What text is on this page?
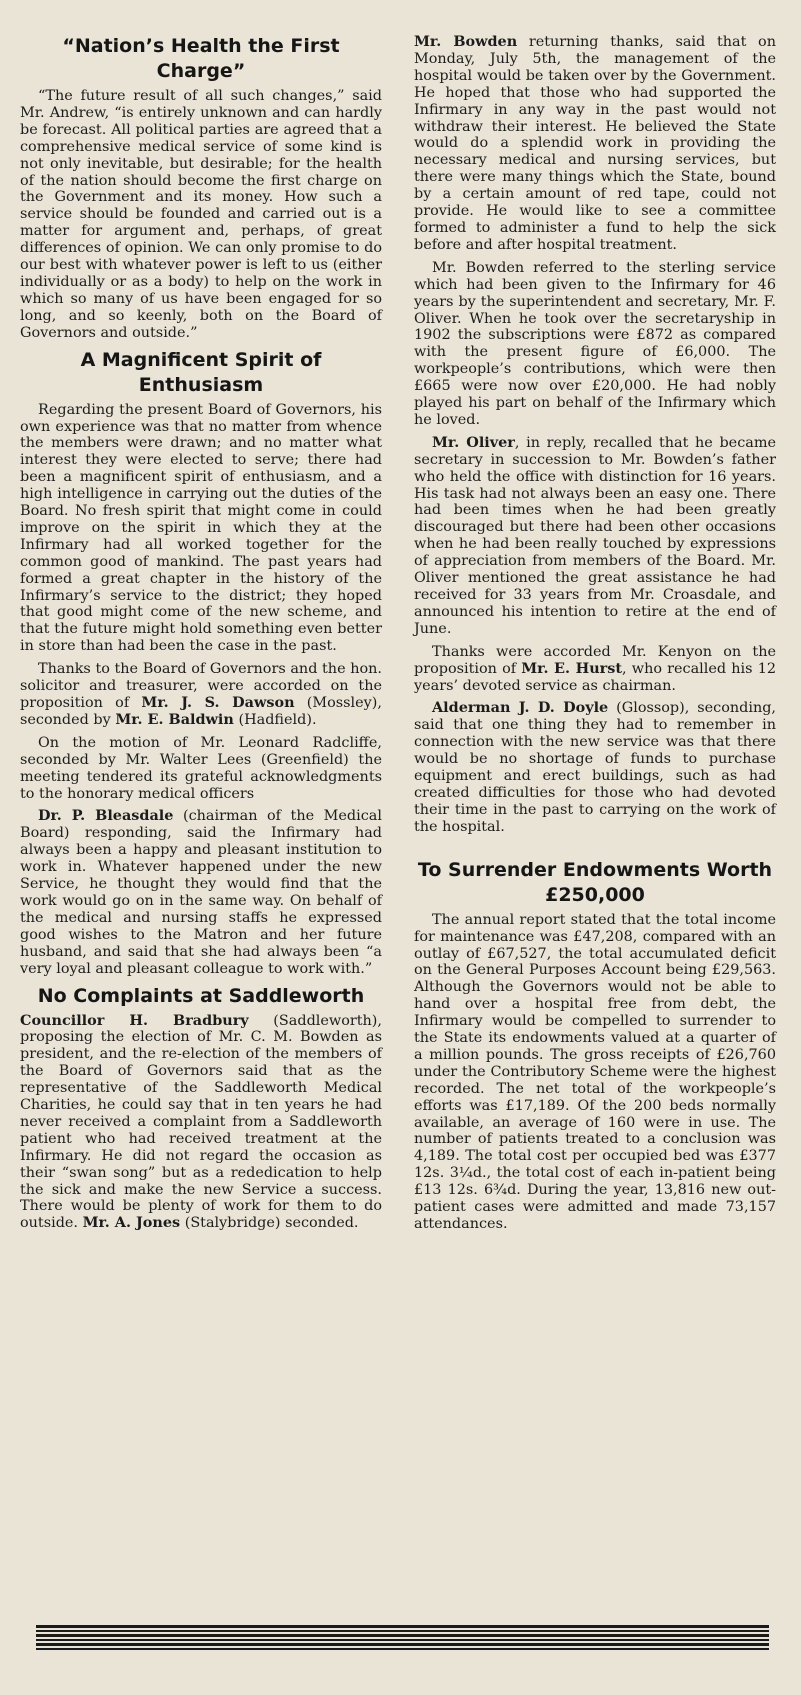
“Nation’s Health the First Charge”

“The future result of all such changes,” said Mr. Andrew, “is entirely unknown and can hardly be forecast. All political parties are agreed that a comprehensive medical service of some kind is not only inevitable, but desirable; for the health of the nation should become the first charge on the Government and its money. How such a service should be founded and carried out is a matter for argument and, perhaps, of great differences of opinion. We can only promise to do our best with whatever power is left to us (either individually or as a body) to help on the work in which so many of us have been engaged for so long, and so keenly, both on the Board of Governors and outside.”

A Magnificent Spirit of Enthusiasm

Regarding the present Board of Governors, his own experience was that no matter from whence the members were drawn; and no matter what interest they were elected to serve; there had been a magnificent spirit of enthusiasm, and a high intelligence in carrying out the duties of the Board. No fresh spirit that might come in could improve on the spirit in which they at the Infirmary had all worked together for the common good of mankind. The past years had formed a great chapter in the history of the Infirmary’s service to the district; they hoped that good might come of the new scheme, and that the future might hold something even better in store than had been the case in the past.

Thanks to the Board of Governors and the hon. solicitor and treasurer, were accorded on the proposition of Mr. J. S. Dawson (Mossley), seconded by Mr. E. Baldwin (Hadfield).

On the motion of Mr. Leonard Radcliffe, seconded by Mr. Walter Lees (Greenfield) the meeting tendered its grateful acknowledgments to the honorary medical officers

Dr. P. Bleasdale (chairman of the Medical Board) responding, said the Infirmary had always been a happy and pleasant institution to work in. Whatever happened under the new Service, he thought they would find that the work would go on in the same way. On behalf of the medical and nursing staffs he expressed good wishes to the Matron and her future husband, and said that she had always been “a very loyal and pleasant colleague to work with.”

No Complaints at Saddleworth

Councillor H. Bradbury (Saddleworth), proposing the election of Mr. C. M. Bowden as president, and the re-election of the members of the Board of Governors said that as the representative of the Saddleworth Medical Charities, he could say that in ten years he had never received a complaint from a Saddleworth patient who had received treatment at the Infirmary. He did not regard the occasion as their “swan song” but as a rededication to help the sick and make the new Service a success. There would be plenty of work for them to do outside. Mr. A. Jones (Stalybridge) seconded.

Mr. Bowden returning thanks, said that on Monday, July 5th, the management of the hospital would be taken over by the Government. He hoped that those who had supported the Infirmary in any way in the past would not withdraw their interest. He believed the State would do a splendid work in providing the necessary medical and nursing services, but there were many things which the State, bound by a certain amount of red tape, could not provide. He would like to see a committee formed to administer a fund to help the sick before and after hospital treatment.

Mr. Bowden referred to the sterling service which had been given to the Infirmary for 46 years by the superintendent and secretary, Mr. F. Oliver. When he took over the secretaryship in 1902 the subscriptions were £872 as compared with the present figure of £6,000. The workpeople’s contributions, which were then £665 were now over £20,000. He had nobly played his part on behalf of the Infirmary which he loved.

Mr. Oliver, in reply, recalled that he became secretary in succession to Mr. Bowden’s father who held the office with distinction for 16 years. His task had not always been an easy one. There had been times when he had been greatly discouraged but there had been other occasions when he had been really touched by expressions of appreciation from members of the Board. Mr. Oliver mentioned the great assistance he had received for 33 years from Mr. Croasdale, and announced his intention to retire at the end of June.

Thanks were accorded Mr. Kenyon on the proposition of Mr. E. Hurst, who recalled his 12 years’ devoted service as chairman.

Alderman J. D. Doyle (Glossop), seconding, said that one thing they had to remember in connection with the new service was that there would be no shortage of funds to purchase equipment and erect buildings, such as had created difficulties for those who had devoted their time in the past to carrying on the work of the hospital.

To Surrender Endowments Worth £250,000

The annual report stated that the total income for maintenance was £47,208, compared with an outlay of £67,527, the total accumulated deficit on the General Purposes Account being £29,563. Although the Governors would not be able to hand over a hospital free from debt, the Infirmary would be compelled to surrender to the State its endowments valued at a quarter of a million pounds. The gross receipts of £26,760 under the Contributory Scheme were the highest recorded. The net total of the workpeople’s efforts was £17,189. Of the 200 beds normally available, an average of 160 were in use. The number of patients treated to a conclusion was 4,189. The total cost per occupied bed was £377 12s. 3¼d., the total cost of each in-patient being £13 12s. 6¾d. During the year, 13,816 new out-patient cases were admitted and made 73,157 attendances.
